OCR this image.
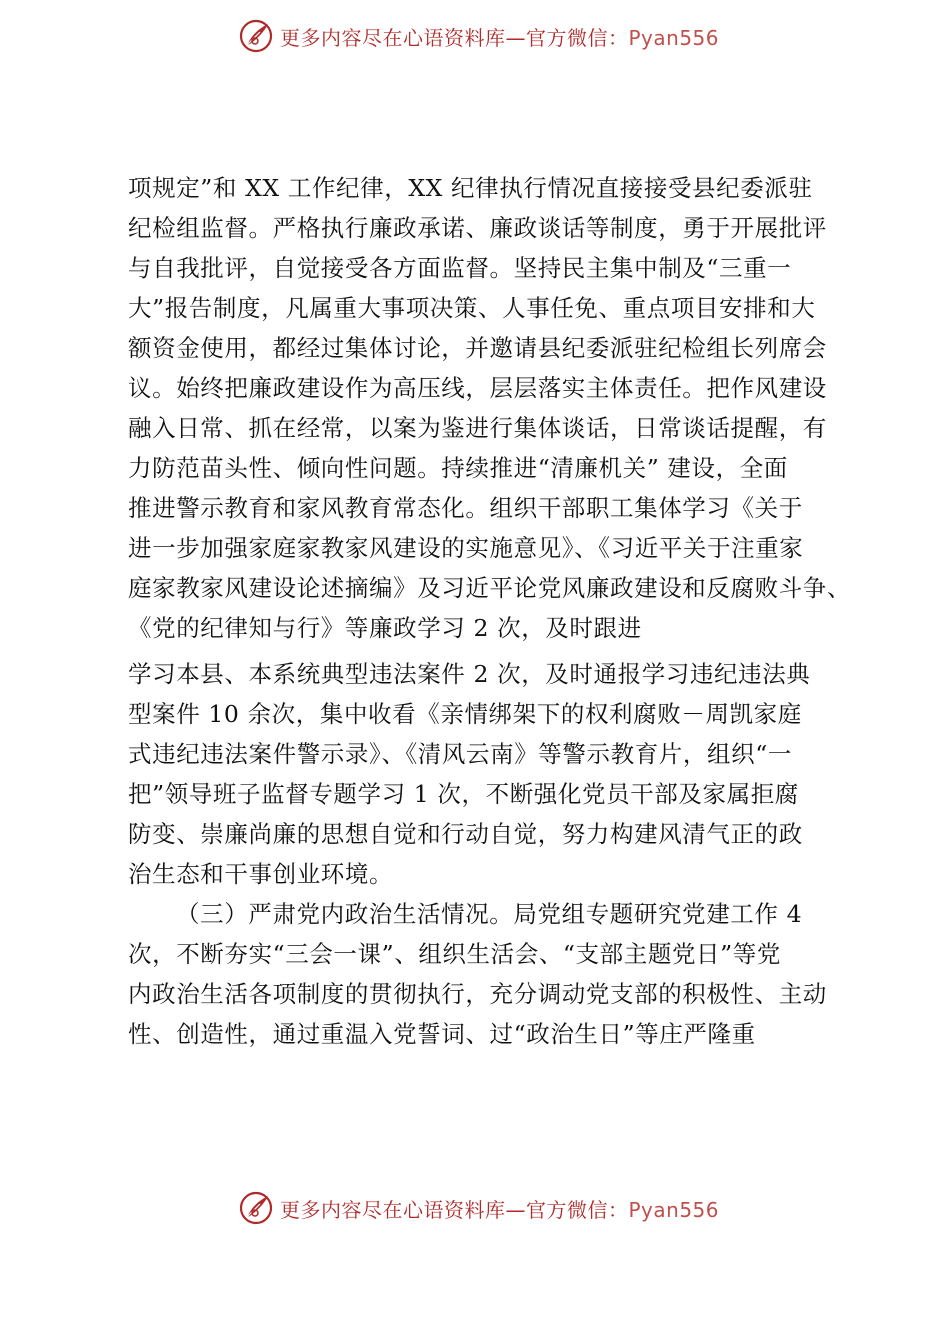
更多内容尽在心语资料库—官方微信：Pyan556
项规定”和 XX 工作纪律，XX 纪律执行情况直接接受县纪委派驻
纪检组监督。严格执行廉政承诺、廉政谈话等制度，勇于开展批评
与自我批评，自觉接受各方面监督。坚持民主集中制及“三重一
大”报告制度，凡属重大事项决策、人事任免、重点项目安排和大
额资金使用，都经过集体讨论，并邀请县纪委派驻纪检组长列席会
议。始终把廉政建设作为高压线，层层落实主体责任。把作风建设
融入日常、抓在经常，以案为鉴进行集体谈话，日常谈话提醒，有
力防范苗头性、倾向性问题。持续推进“清廉机关” 建设，全面
推进警示教育和家风教育常态化。组织干部职工集体学习《关于
进一步加强家庭家教家风建设的实施意见》、《习近平关于注重家
庭家教家风建设论述摘编》及习近平论党风廉政建设和反腐败斗争、
《党的纪律知与行》等廉政学习 2 次，及时跟进
学习本县、本系统典型违法案件 2 次，及时通报学习违纪违法典
型案件 10 余次，集中收看《亲情绑架下的权利腐败－周凯家庭
式违纪违法案件警示录》、《清风云南》等警示教育片，组织“一
把”领导班子监督专题学习 1 次，不断强化党员干部及家属拒腐
防变、崇廉尚廉的思想自觉和行动自觉，努力构建风清气正的政
治生态和干事创业环境。
（三）严肃党内政治生活情况。局党组专题研究党建工作 4
次，不断夯实“三会一课”、组织生活会、“支部主题党日”等党
内政治生活各项制度的贯彻执行，充分调动党支部的积极性、主动
性、创造性，通过重温入党誓词、过“政治生日”等庄严隆重
更多内容尽在心语资料库—官方微信：Pyan556
